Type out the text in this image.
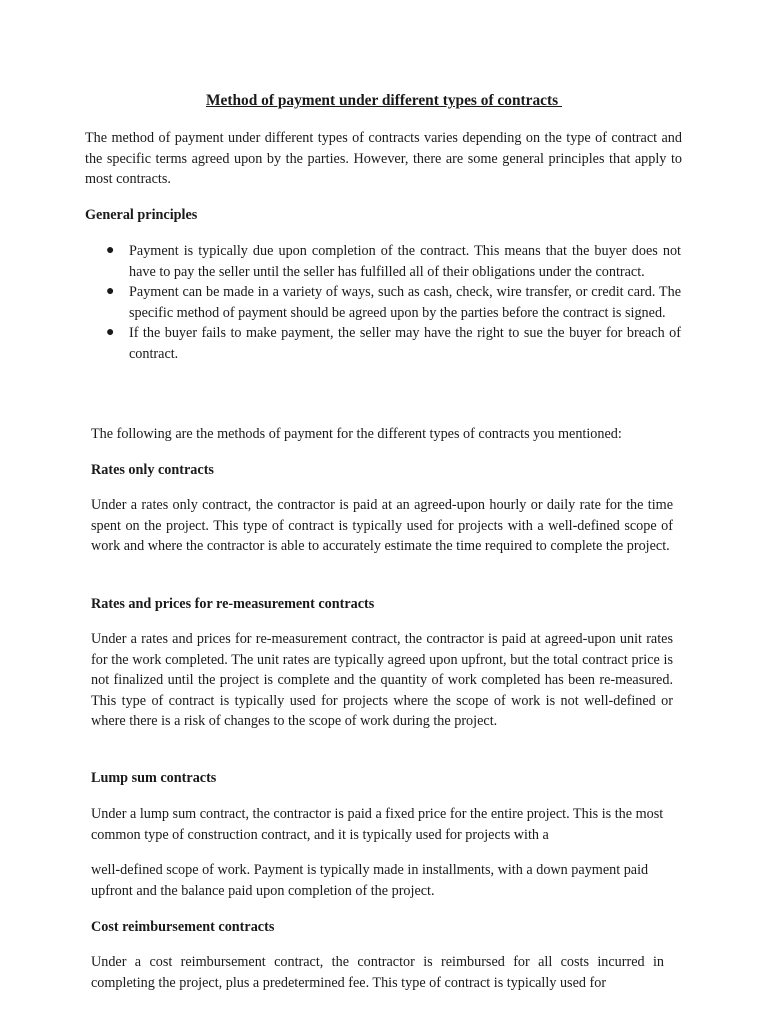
Method of payment under different types of contracts

The method of payment under different types of contracts varies depending on the type of contract and the specific terms agreed upon by the parties. However, there are some general principles that apply to most contracts.

General principles

● Payment is typically due upon completion of the contract. This means that the buyer does not have to pay the seller until the seller has fulfilled all of their obligations under the contract.
● Payment can be made in a variety of ways, such as cash, check, wire transfer, or credit card. The specific method of payment should be agreed upon by the parties before the contract is signed.
● If the buyer fails to make payment, the seller may have the right to sue the buyer for breach of contract.

The following are the methods of payment for the different types of contracts you mentioned:

Rates only contracts

Under a rates only contract, the contractor is paid at an agreed-upon hourly or daily rate for the time spent on the project. This type of contract is typically used for projects with a well-defined scope of work and where the contractor is able to accurately estimate the time required to complete the project.

Rates and prices for re-measurement contracts

Under a rates and prices for re-measurement contract, the contractor is paid at agreed-upon unit rates for the work completed. The unit rates are typically agreed upon upfront, but the total contract price is not finalized until the project is complete and the quantity of work completed has been re-measured. This type of contract is typically used for projects where the scope of work is not well-defined or where there is a risk of changes to the scope of work during the project.

Lump sum contracts

Under a lump sum contract, the contractor is paid a fixed price for the entire project. This is the most common type of construction contract, and it is typically used for projects with a

well-defined scope of work. Payment is typically made in installments, with a down payment paid upfront and the balance paid upon completion of the project.

Cost reimbursement contracts

Under a cost reimbursement contract, the contractor is reimbursed for all costs incurred in completing the project, plus a predetermined fee. This type of contract is typically used for
